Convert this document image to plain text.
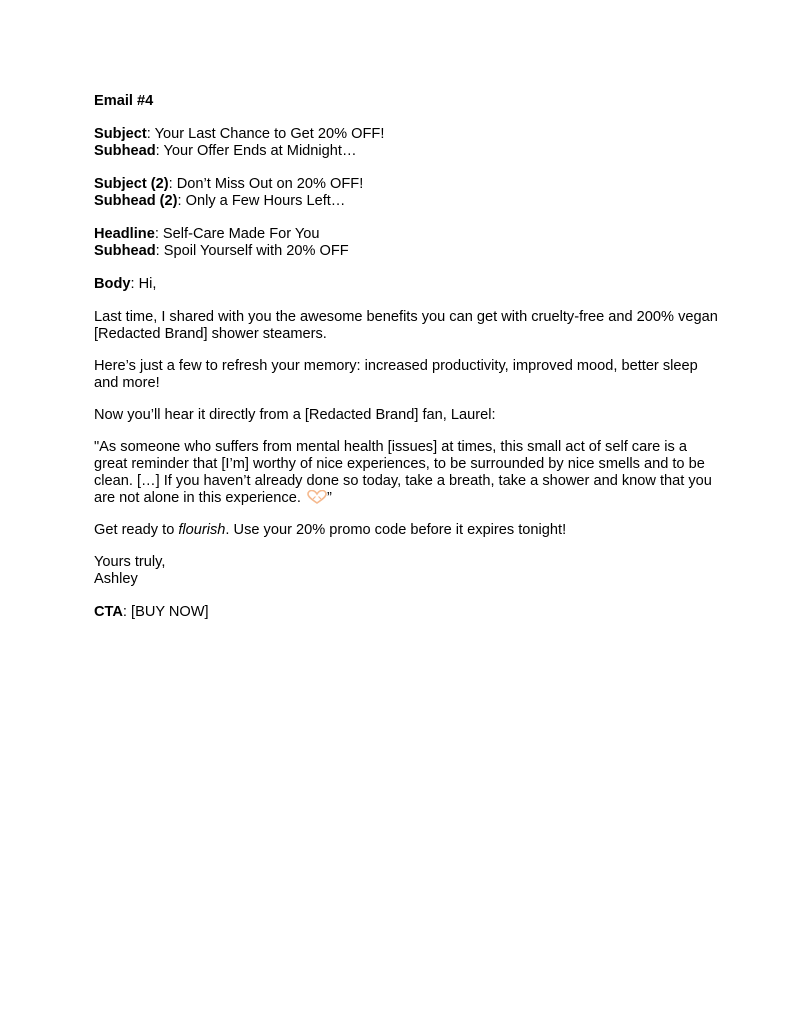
Email #4
Subject: Your Last Chance to Get 20% OFF!
Subhead: Your Offer Ends at Midnight…
Subject (2): Don’t Miss Out on 20% OFF!
Subhead (2): Only a Few Hours Left…
Headline: Self-Care Made For You
Subhead: Spoil Yourself with 20% OFF
Body: Hi,

Last time, I shared with you the awesome benefits you can get with cruelty-free and 200% vegan [Redacted Brand] shower steamers.

Here’s just a few to refresh your memory: increased productivity, improved mood, better sleep and more!

Now you’ll hear it directly from a [Redacted Brand] fan, Laurel:

"As someone who suffers from mental health [issues] at times, this small act of self care is a great reminder that [I’m] worthy of nice experiences, to be surrounded by nice smells and to be clean. […] If you haven’t already done so today, take a breath, take a shower and know that you are not alone in this experience. ”

Get ready to flourish. Use your 20% promo code before it expires tonight!

Yours truly,
Ashley
CTA: [BUY NOW]
